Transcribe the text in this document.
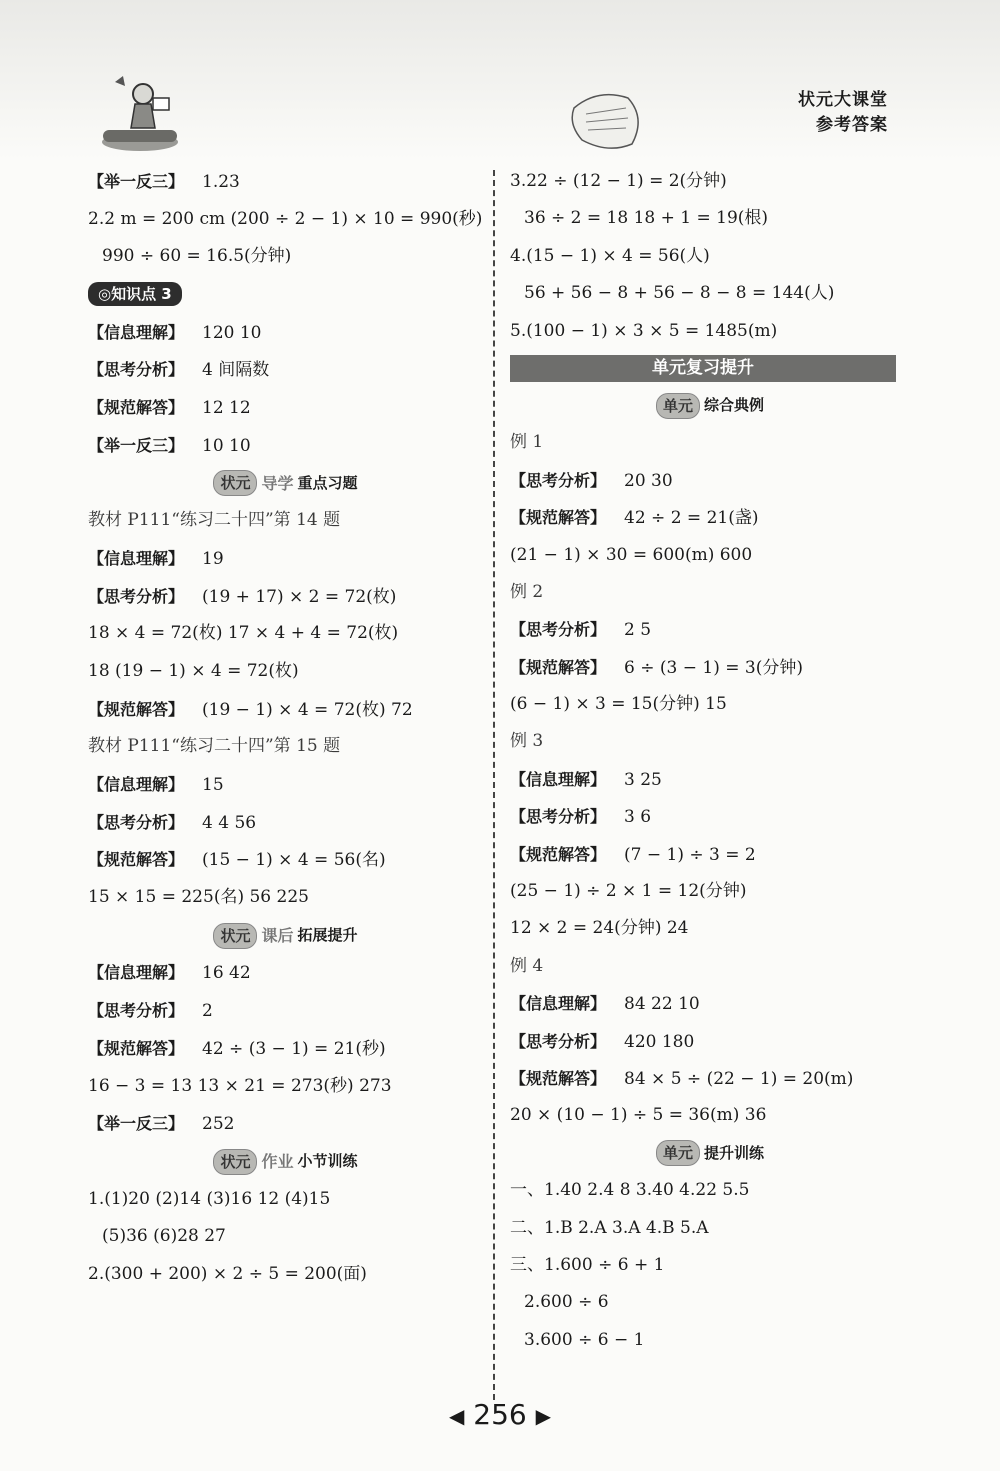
状元大课堂
参考答案
【举一反三】 1.23
2.2 m = 200 cm (200 ÷ 2 − 1) × 10 = 990(秒)
990 ÷ 60 = 16.5(分钟)
◎知识点 3
【信息理解】 120 10
【思考分析】 4 间隔数
【规范解答】 12 12
【举一反三】 10 10
状元 导学 重点习题
教材 P111“练习二十四”第 14 题
【信息理解】 19
【思考分析】 (19 + 17) × 2 = 72(枚)
18 × 4 = 72(枚) 17 × 4 + 4 = 72(枚)
18 (19 − 1) × 4 = 72(枚)
【规范解答】 (19 − 1) × 4 = 72(枚) 72
教材 P111“练习二十四”第 15 题
【信息理解】 15
【思考分析】 4 4 56
【规范解答】 (15 − 1) × 4 = 56(名)
15 × 15 = 225(名) 56 225
状元 课后 拓展提升
【信息理解】 16 42
【思考分析】 2
【规范解答】 42 ÷ (3 − 1) = 21(秒)
16 − 3 = 13 13 × 21 = 273(秒) 273
【举一反三】 252
状元 作业 小节训练
1.(1)20 (2)14 (3)16 12 (4)15
(5)36 (6)28 27
2.(300 + 200) × 2 ÷ 5 = 200(面)
3.22 ÷ (12 − 1) = 2(分钟)
36 ÷ 2 = 18 18 + 1 = 19(根)
4.(15 − 1) × 4 = 56(人)
56 + 56 − 8 + 56 − 8 − 8 = 144(人)
5.(100 − 1) × 3 × 5 = 1485(m)
单元复习提升
单元 综合典例
例 1
【思考分析】 20 30
【规范解答】 42 ÷ 2 = 21(盏)
(21 − 1) × 30 = 600(m) 600
例 2
【思考分析】 2 5
【规范解答】 6 ÷ (3 − 1) = 3(分钟)
(6 − 1) × 3 = 15(分钟) 15
例 3
【信息理解】 3 25
【思考分析】 3 6
【规范解答】 (7 − 1) ÷ 3 = 2
(25 − 1) ÷ 2 × 1 = 12(分钟)
12 × 2 = 24(分钟) 24
例 4
【信息理解】 84 22 10
【思考分析】 420 180
【规范解答】 84 × 5 ÷ (22 − 1) = 20(m)
20 × (10 − 1) ÷ 5 = 36(m) 36
单元 提升训练
一、1.40 2.4 8 3.40 4.22 5.5
二、1.B 2.A 3.A 4.B 5.A
三、1.600 ÷ 6 + 1
2.600 ÷ 6
3.600 ÷ 6 − 1

◀ 256 ▶
